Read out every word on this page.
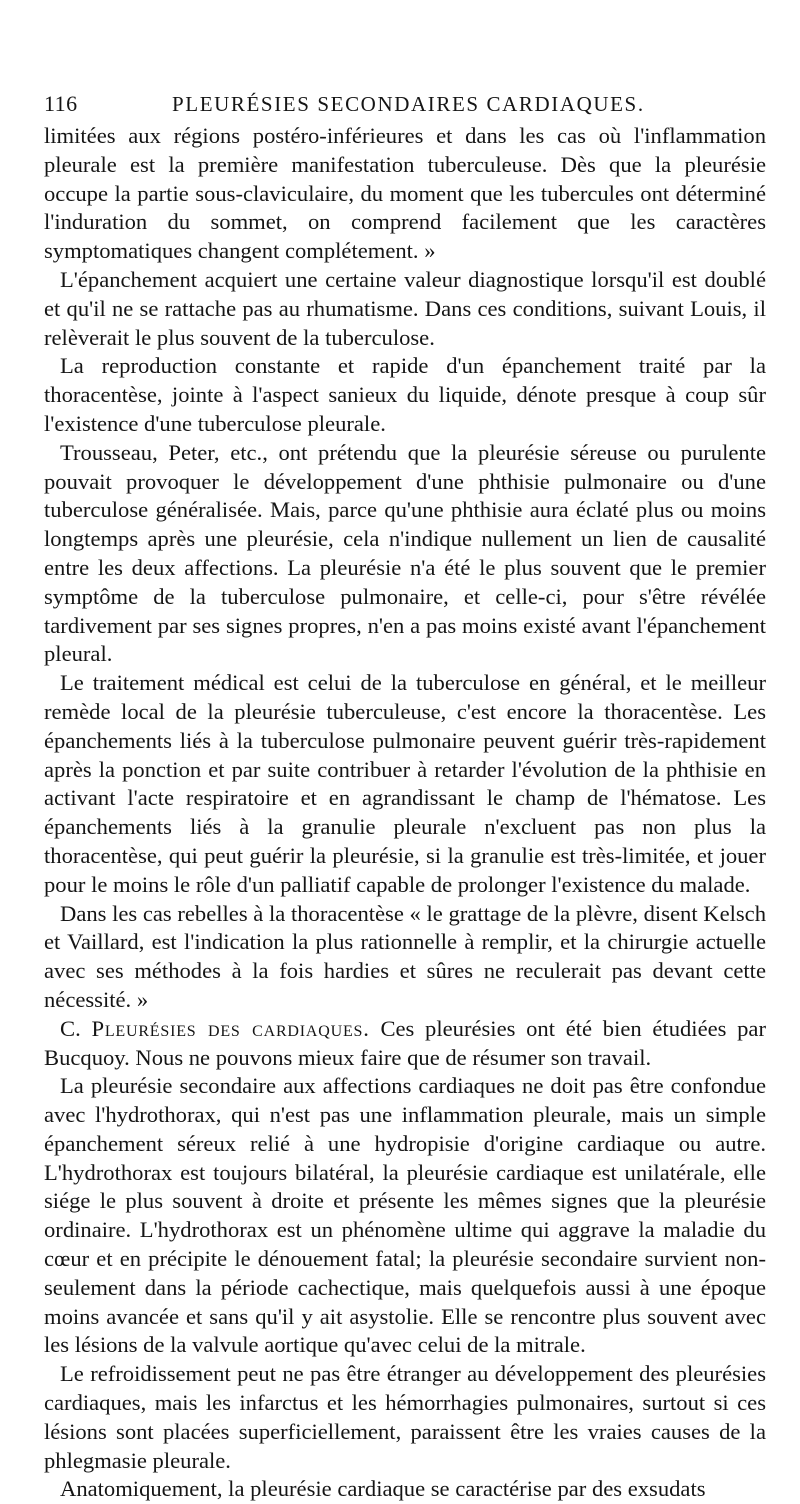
116	PLEURÉSIES SECONDAIRES CARDIAQUES.

limitées aux régions postéro-inférieures et dans les cas où l'inflammation pleurale est la première manifestation tuberculeuse. Dès que la pleurésie occupe la partie sous-claviculaire, du moment que les tubercules ont déterminé l'induration du sommet, on comprend facilement que les caractères symptomatiques changent complétement. »

L'épanchement acquiert une certaine valeur diagnostique lorsqu'il est doublé et qu'il ne se rattache pas au rhumatisme. Dans ces conditions, suivant Louis, il relèverait le plus souvent de la tuberculose.

La reproduction constante et rapide d'un épanchement traité par la thoracentèse, jointe à l'aspect sanieux du liquide, dénote presque à coup sûr l'existence d'une tuberculose pleurale.

Trousseau, Peter, etc., ont prétendu que la pleurésie séreuse ou purulente pouvait provoquer le développement d'une phthisie pulmonaire ou d'une tuberculose généralisée. Mais, parce qu'une phthisie aura éclaté plus ou moins longtemps après une pleurésie, cela n'indique nullement un lien de causalité entre les deux affections. La pleurésie n'a été le plus souvent que le premier symptôme de la tuberculose pulmonaire, et celle-ci, pour s'être révélée tardivement par ses signes propres, n'en a pas moins existé avant l'épanchement pleural.

Le traitement médical est celui de la tuberculose en général, et le meilleur remède local de la pleurésie tuberculeuse, c'est encore la thoracentèse. Les épanchements liés à la tuberculose pulmonaire peuvent guérir très-rapidement après la ponction et par suite contribuer à retarder l'évolution de la phthisie en activant l'acte respiratoire et en agrandissant le champ de l'hématose. Les épanchements liés à la granulie pleurale n'excluent pas non plus la thoracentèse, qui peut guérir la pleurésie, si la granulie est très-limitée, et jouer pour le moins le rôle d'un palliatif capable de prolonger l'existence du malade.

Dans les cas rebelles à la thoracentèse « le grattage de la plèvre, disent Kelsch et Vaillard, est l'indication la plus rationnelle à remplir, et la chirurgie actuelle avec ses méthodes à la fois hardies et sûres ne reculerait pas devant cette nécessité. »

C. Pleurésies des cardiaques. Ces pleurésies ont été bien étudiées par Bucquoy. Nous ne pouvons mieux faire que de résumer son travail.

La pleurésie secondaire aux affections cardiaques ne doit pas être confondue avec l'hydrothorax, qui n'est pas une inflammation pleurale, mais un simple épanchement séreux relié à une hydropisie d'origine cardiaque ou autre. L'hydrothorax est toujours bilatéral, la pleurésie cardiaque est unilatérale, elle siége le plus souvent à droite et présente les mêmes signes que la pleurésie ordinaire. L'hydrothorax est un phénomène ultime qui aggrave la maladie du cœur et en précipite le dénouement fatal; la pleurésie secondaire survient non-seulement dans la période cachectique, mais quelquefois aussi à une époque moins avancée et sans qu'il y ait asystolie. Elle se rencontre plus souvent avec les lésions de la valvule aortique qu'avec celui de la mitrale.

Le refroidissement peut ne pas être étranger au développement des pleurésies cardiaques, mais les infarctus et les hémorrhagies pulmonaires, surtout si ces lésions sont placées superficiellement, paraissent être les vraies causes de la phlegmasie pleurale.

Anatomiquement, la pleurésie cardiaque se caractérise par des exsudats
